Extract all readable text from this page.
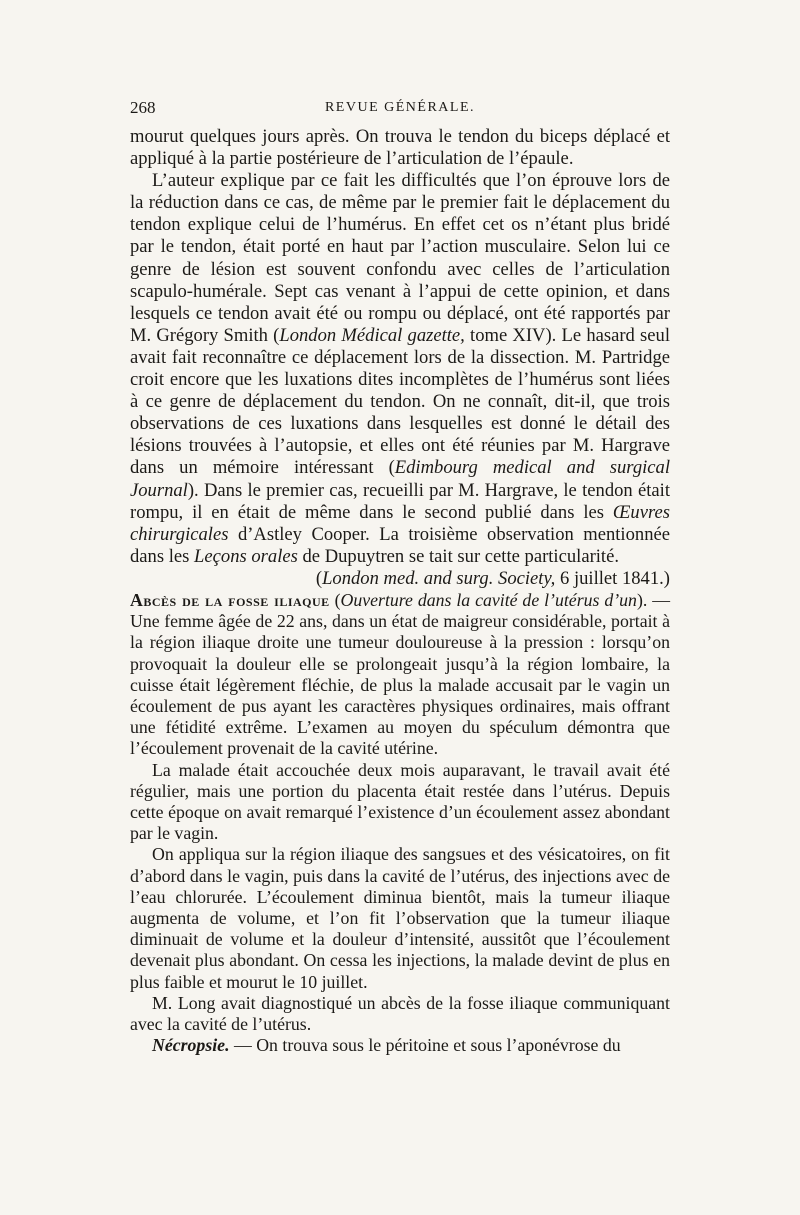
268	REVUE GÉNÉRALE.

mourut quelques jours après. On trouva le tendon du biceps déplacé et appliqué à la partie postérieure de l’articulation de l’épaule.

L’auteur explique par ce fait les difficultés que l’on éprouve lors de la réduction dans ce cas, de même par le premier fait le déplacement du tendon explique celui de l’humérus. En effet cet os n’étant plus bridé par le tendon, était porté en haut par l’action musculaire. Selon lui ce genre de lésion est souvent confondu avec celles de l’articulation scapulo-humérale. Sept cas venant à l’appui de cette opinion, et dans lesquels ce tendon avait été ou rompu ou déplacé, ont été rapportés par M. Grégory Smith (London Médical gazette, tome XIV). Le hasard seul avait fait reconnaître ce déplacement lors de la dissection. M. Partridge croit encore que les luxations dites incomplètes de l’humérus sont liées à ce genre de déplacement du tendon. On ne connaît, dit-il, que trois observations de ces luxations dans lesquelles est donné le détail des lésions trouvées à l’autopsie, et elles ont été réunies par M. Hargrave dans un mémoire intéressant (Edimbourg medical and surgical Journal). Dans le premier cas, recueilli par M. Hargrave, le tendon était rompu, il en était de même dans le second publié dans les Œuvres chirurgicales d’Astley Cooper. La troisième observation mentionnée dans les Leçons orales de Dupuytren se tait sur cette particularité.

(London med. and surg. Society, 6 juillet 1841.)

Abcès de la fosse iliaque (Ouverture dans la cavité de l’utérus d’un). — Une femme âgée de 22 ans, dans un état de maigreur considérable, portait à la région iliaque droite une tumeur douloureuse à la pression : lorsqu’on provoquait la douleur elle se prolongeait jusqu’à la région lombaire, la cuisse était légèrement fléchie, de plus la malade accusait par le vagin un écoulement de pus ayant les caractères physiques ordinaires, mais offrant une fétidité extrême. L’examen au moyen du spéculum démontra que l’écoulement provenait de la cavité utérine.

La malade était accouchée deux mois auparavant, le travail avait été régulier, mais une portion du placenta était restée dans l’utérus. Depuis cette époque on avait remarqué l’existence d’un écoulement assez abondant par le vagin.

On appliqua sur la région iliaque des sangsues et des vésicatoires, on fit d’abord dans le vagin, puis dans la cavité de l’utérus, des injections avec de l’eau chlorurée. L’écoulement diminua bientôt, mais la tumeur iliaque augmenta de volume, et l’on fit l’observation que la tumeur iliaque diminuait de volume et la douleur d’intensité, aussitôt que l’écoulement devenait plus abondant. On cessa les injections, la malade devint de plus en plus faible et mourut le 10 juillet.

M. Long avait diagnostiqué un abcès de la fosse iliaque communiquant avec la cavité de l’utérus.

Nécropsie. — On trouva sous le péritoine et sous l’aponévrose du
